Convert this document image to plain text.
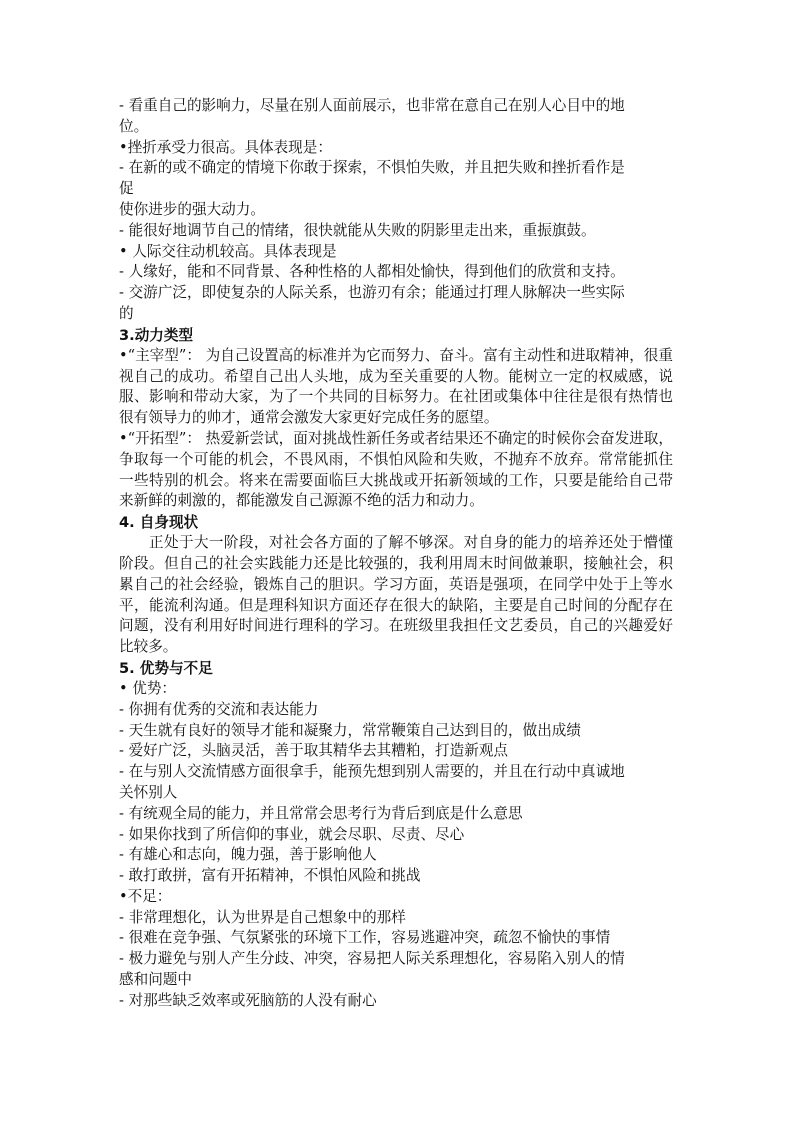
- 看重自己的影响力，尽量在别人面前展示，也非常在意自己在别人心目中的地
位。
•挫折承受力很高。具体表现是：
- 在新的或不确定的情境下你敢于探索，不惧怕失败，并且把失败和挫折看作是
促
使你进步的强大动力。
- 能很好地调节自己的情绪，很快就能从失败的阴影里走出来，重振旗鼓。
• 人际交往动机较高。具体表现是
- 人缘好，能和不同背景、各种性格的人都相处愉快，得到他们的欣赏和支持。
- 交游广泛，即使复杂的人际关系，也游刃有余；能通过打理人脉解决一些实际
的
3.动力类型
•“主宰型”： 为自己设置高的标准并为它而努力、奋斗。富有主动性和进取精神，很重视自己的成功。希望自己出人头地，成为至关重要的人物。能树立一定的权威感，说服、影响和带动大家，为了一个共同的目标努力。在社团或集体中往往是很有热情也很有领导力的帅才，通常会激发大家更好完成任务的愿望。
•“开拓型”： 热爱新尝试，面对挑战性新任务或者结果还不确定的时候你会奋发进取，争取每一个可能的机会，不畏风雨，不惧怕风险和失败，不抛弃不放弃。常常能抓住一些特别的机会。将来在需要面临巨大挑战或开拓新领域的工作，只要是能给自己带来新鲜的刺激的，都能激发自己源源不绝的活力和动力。
4. 自身现状
正处于大一阶段，对社会各方面的了解不够深。对自身的能力的培养还处于懵懂阶段。但自己的社会实践能力还是比较强的，我利用周末时间做兼职，接触社会，积累自己的社会经验，锻炼自己的胆识。学习方面，英语是强项，在同学中处于上等水平，能流利沟通。但是理科知识方面还存在很大的缺陷，主要是自己时间的分配存在问题，没有利用好时间进行理科的学习。在班级里我担任文艺委员，自己的兴趣爱好比较多。
5. 优势与不足
• 优势：
- 你拥有优秀的交流和表达能力
- 天生就有良好的领导才能和凝聚力，常常鞭策自己达到目的，做出成绩
- 爱好广泛，头脑灵活，善于取其精华去其糟粕，打造新观点
- 在与别人交流情感方面很拿手，能预先想到别人需要的，并且在行动中真诚地
关怀别人
- 有统观全局的能力，并且常常会思考行为背后到底是什么意思
- 如果你找到了所信仰的事业，就会尽职、尽责、尽心
- 有雄心和志向，魄力强，善于影响他人
- 敢打敢拼，富有开拓精神，不惧怕风险和挑战
•不足：
- 非常理想化，认为世界是自己想象中的那样
- 很难在竞争强、气氛紧张的环境下工作，容易逃避冲突，疏忽不愉快的事情
- 极力避免与别人产生分歧、冲突，容易把人际关系理想化，容易陷入别人的情
感和问题中
- 对那些缺乏效率或死脑筋的人没有耐心
